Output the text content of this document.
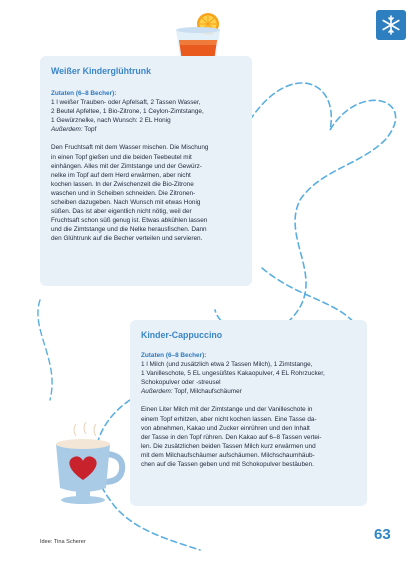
Weißer Kinderglühtrunk
Zutaten (6–8 Becher):
1 l weißer Trauben- oder Apfelsaft, 2 Tassen Wasser,
2 Beutel Apfeltee, 1 Bio-Zitrone, 1 Ceylon-Zimtstange,
1 Gewürznelke, nach Wunsch: 2 EL Honig
Außerdem: Topf

Den Fruchtsaft mit dem Wasser mischen. Die Mischung

in einen Topf gießen und die beiden Teebeutel mit

einhängen. Alles mit der Zimtstange und der Gewürz-

nelke im Topf auf dem Herd erwärmen, aber nicht

kochen lassen. In der Zwischenzeit die Bio-Zitrone

waschen und in Scheiben schneiden. Die Zitronen-

scheiben dazugeben. Nach Wunsch mit etwas Honig

süßen. Das ist aber eigentlich nicht nötig, weil der

Fruchtsaft schon süß genug ist. Etwas abkühlen lassen

und die Zimtstange und die Nelke herausfischen. Dann

den Glühtrunk auf die Becher verteilen und servieren.

Kinder-Cappuccino
Zutaten (6–8 Becher):
1 l Milch (und zusätzlich etwa 2 Tassen Milch), 1 Zimtstange,
1 Vanilleschote, 5 EL ungesüßtes Kakaopulver, 4 EL Rohrzucker,
Schokopulver oder -streusel
Außerdem: Topf, Milchaufschäumer

Einen Liter Milch mit der Zimtstange und der Vanilleschote in

einem Topf erhitzen, aber nicht kochen lassen. Eine Tasse da-

von abnehmen, Kakao und Zucker einrühren und den Inhalt

der Tasse in den Topf rühren. Den Kakao auf 6–8 Tassen vertei-

len. Die zusätzlichen beiden Tassen Milch kurz erwärmen und

mit dem Milchaufschäumer aufschäumen. Milchschaumhäub-

chen auf die Tassen geben und mit Schokopulver bestäuben.

Idee: Tina Scherer	63
